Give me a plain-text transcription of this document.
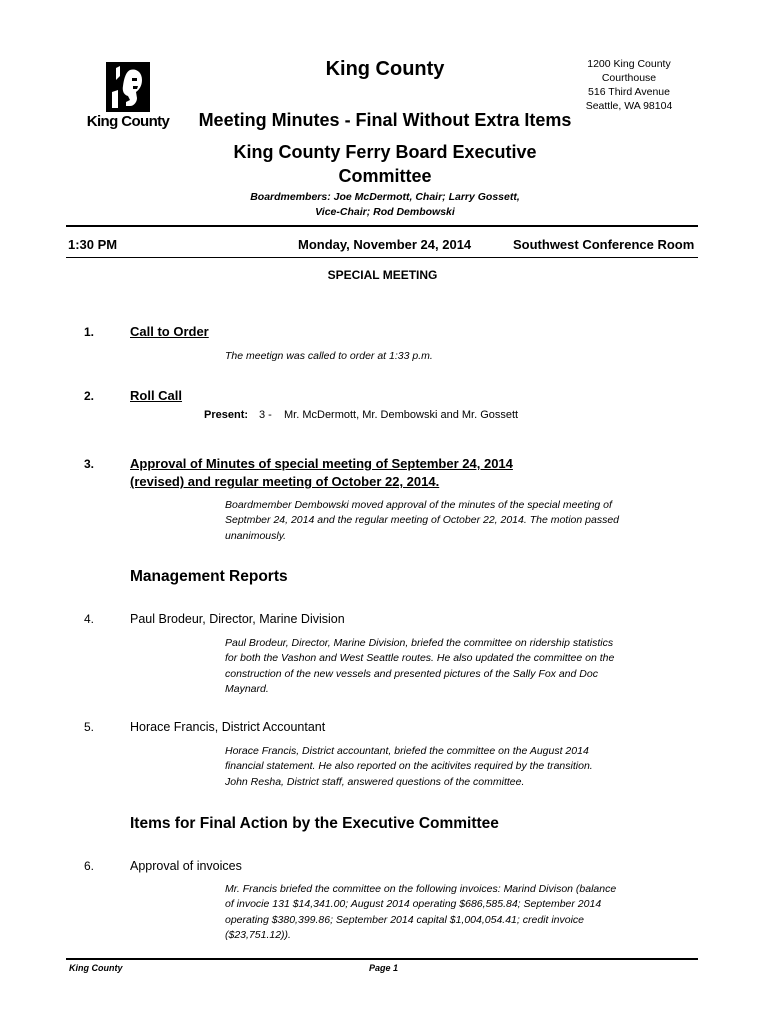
King County
King County	1200 King County
Courthouse
516 Third Avenue
Seattle, WA 98104
Meeting Minutes - Final Without Extra Items
King County Ferry Board Executive
Committee
Boardmembers: Joe McDermott, Chair; Larry Gossett,
Vice-Chair; Rod Dembowski
1:30 PM	Monday, November 24, 2014	Southwest Conference Room
SPECIAL MEETING
1.	Call to Order
The meetign was called to order at 1:33 p.m.
2.	Roll Call
Present: 3 - Mr. McDermott, Mr. Dembowski and Mr. Gossett
3.	Approval of Minutes of special meeting of September 24, 2014
(revised) and regular meeting of October 22, 2014.
Boardmember Dembowski moved approval of the minutes of the special meeting of
Septmber 24, 2014 and the regular meeting of October 22, 2014. The motion passed
unanimously.
Management Reports
4.	Paul Brodeur, Director, Marine Division
Paul Brodeur, Director, Marine Division, briefed the committee on ridership statistics
for both the Vashon and West Seattle routes. He also updated the committee on the
construction of the new vessels and presented pictures of the Sally Fox and Doc
Maynard.
5.	Horace Francis, District Accountant
Horace Francis, District accountant, briefed the committee on the August 2014
financial statement. He also reported on the acitivites required by the transition.
John Resha, District staff, answered questions of the committee.
Items for Final Action by the Executive Committee
6.	Approval of invoices
Mr. Francis briefed the committee on the following invoices: Marind Divison (balance
of invocie 131 $14,341.00; August 2014 operating $686,585.84; September 2014
operating $380,399.86; September 2014 capital $1,004,054.41; credit invoice
($23,751.12)).
King County	Page 1
